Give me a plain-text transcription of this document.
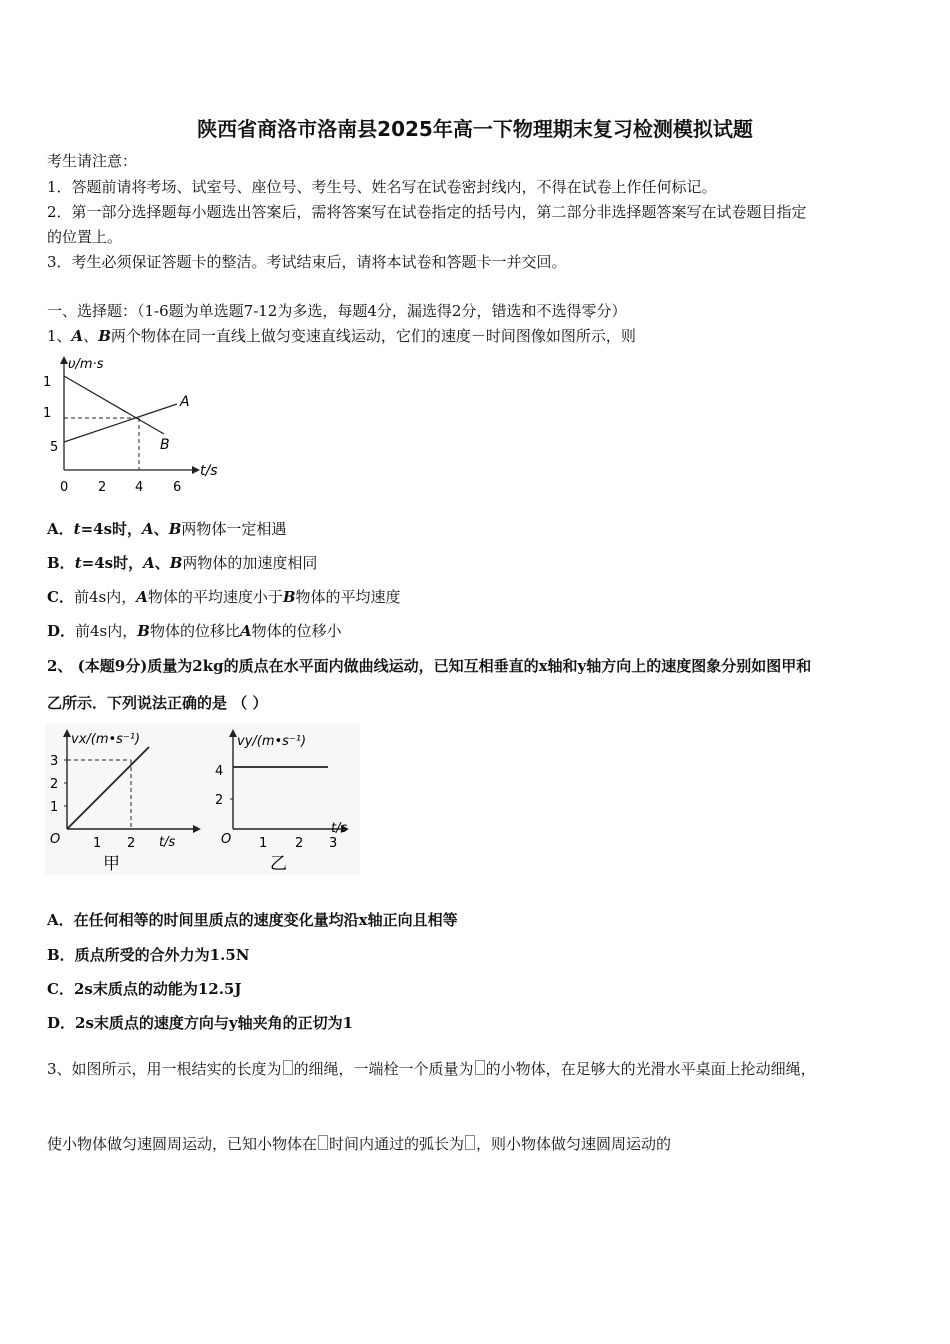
陕西省商洛市洛南县2025年高一下物理期末复习检测模拟试题
考生请注意：
1．答题前请将考场、试室号、座位号、考生号、姓名写在试卷密封线内，不得在试卷上作任何标记。
2．第一部分选择题每小题选出答案后，需将答案写在试卷指定的括号内，第二部分非选择题答案写在试卷题目指定
的位置上。
3．考生必须保证答题卡的整洁。考试结束后，请将本试卷和答题卡一并交回。
一、选择题：（1-6题为单选题7-12为多选，每题4分，漏选得2分，错选和不选得零分）
1、A、B两个物体在同一直线上做匀变速直线运动，它们的速度－时间图像如图所示，则
υ/m·s
1
1
5
0 2 4 6
t/s
A
B
A．t=4s时，A、B两物体一定相遇
B．t=4s时，A、B两物体的加速度相同
C．前4s内，A物体的平均速度小于B物体的平均速度
D．前4s内，B物体的位移比A物体的位移小
2、 (本题9分)质量为2kg的质点在水平面内做曲线运动，已知互相垂直的x轴和y轴方向上的速度图象分别如图甲和
乙所示．下列说法正确的是 （ ）
vx/(m•s⁻¹)
3
2
1
O	1 2 t/s
甲
vy/(m•s⁻¹)
4
2
O 1 2 3
t/s
乙
A．在任何相等的时间里质点的速度变化量均沿x轴正向且相等
B．质点所受的合外力为1.5N
C．2s末质点的动能为12.5J
D．2s末质点的速度方向与y轴夹角的正切为1
3、如图所示，用一根结实的长度为 的细绳，一端栓一个质量为 的小物体，在足够大的光滑水平桌面上抡动细绳，
使小物体做匀速圆周运动，已知小物体在 时间内通过的弧长为 ，则小物体做匀速圆周运动的
